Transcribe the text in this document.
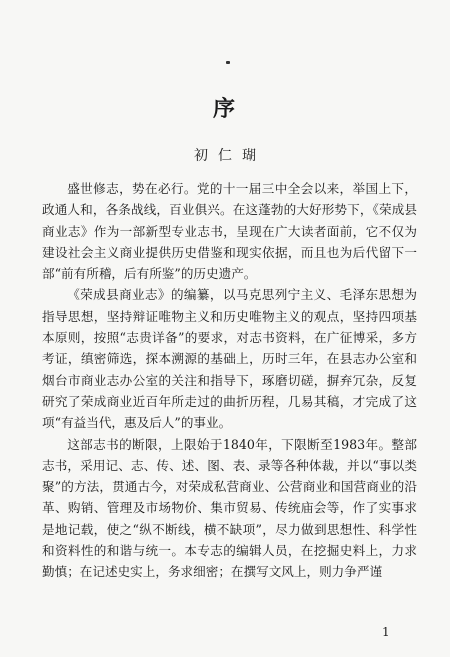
序
初仁瑚

盛世修志，势在必行。党的十一届三中全会以来，举国上下，政通人和，各条战线，百业俱兴。在这蓬勃的大好形势下，《荣成县商业志》作为一部新型专业志书，呈现在广大读者面前，它不仅为建设社会主义商业提供历史借鉴和现实依据，而且也为后代留下一部“前有所稽，后有所鉴”的历史遗产。

《荣成县商业志》的编纂，以马克思列宁主义、毛泽东思想为指导思想，坚持辩证唯物主义和历史唯物主义的观点，坚持四项基本原则，按照“志贵详备”的要求，对志书资料，在广征博采，多方考证，缜密筛选，探本溯源的基础上，历时三年，在县志办公室和烟台市商业志办公室的关注和指导下，琢磨切磋，摒弃冗杂，反复研究了荣成商业近百年所走过的曲折历程，几易其稿，才完成了这项“有益当代，惠及后人”的事业。

这部志书的断限，上限始于1840年，下限断至1983年。整部志书，采用记、志、传、述、图、表、录等各种体裁，并以“事以类聚”的方法，贯通古今，对荣成私营商业、公营商业和国营商业的沿革、购销、管理及市场物价、集市贸易、传统庙会等，作了实事求是地记载，使之“纵不断线，横不缺项”，尽力做到思想性、科学性和资料性的和谐与统一。本专志的编辑人员，在挖掘史料上，力求勤慎；在记述史实上，务求细密；在撰写文风上，则力争严谨

1
